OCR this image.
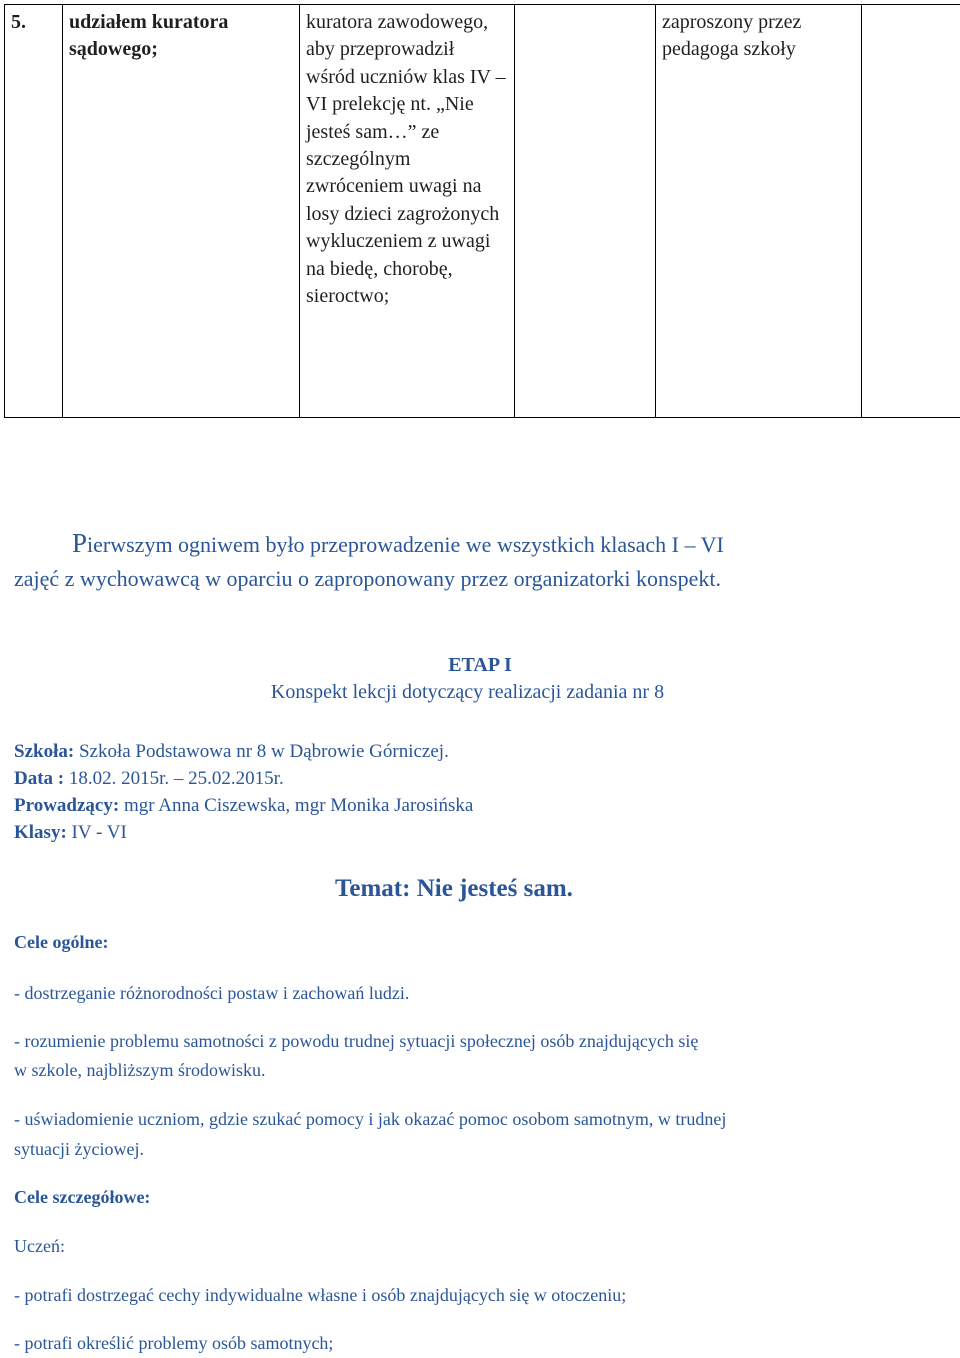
5.	udziałem kuratora sądowego;	kuratora zawodowego, aby przeprowadził wśród uczniów klas IV – VI prelekcję nt. „Nie jesteś sam…” ze szczególnym zwróceniem uwagi na losy dzieci zagrożonych wykluczeniem z uwagi na biedę, chorobę, sieroctwo;		zaproszony przez pedagoga szkoły	
Pierwszym ogniwem było przeprowadzenie we wszystkich klasach I – VI
zajęć z wychowawcą w oparciu o zaproponowany przez organizatorki konspekt.
ETAP I
Konspekt lekcji dotyczący realizacji zadania nr 8
Szkoła: Szkoła Podstawowa nr 8 w Dąbrowie Górniczej.
Data : 18.02. 2015r. – 25.02.2015r.
Prowadzący: mgr Anna Ciszewska, mgr Monika Jarosińska
Klasy: IV - VI
Temat: Nie jesteś sam.
Cele ogólne:
- dostrzeganie różnorodności postaw i zachowań ludzi.
- rozumienie problemu samotności z powodu trudnej sytuacji społecznej osób znajdujących się
w szkole, najbliższym środowisku.
- uświadomienie uczniom, gdzie szukać pomocy i jak okazać pomoc osobom samotnym, w trudnej
sytuacji życiowej.
Cele szczegółowe:
Uczeń:
- potrafi dostrzegać cechy indywidualne własne i osób znajdujących się w otoczeniu;
- potrafi określić problemy osób samotnych;
